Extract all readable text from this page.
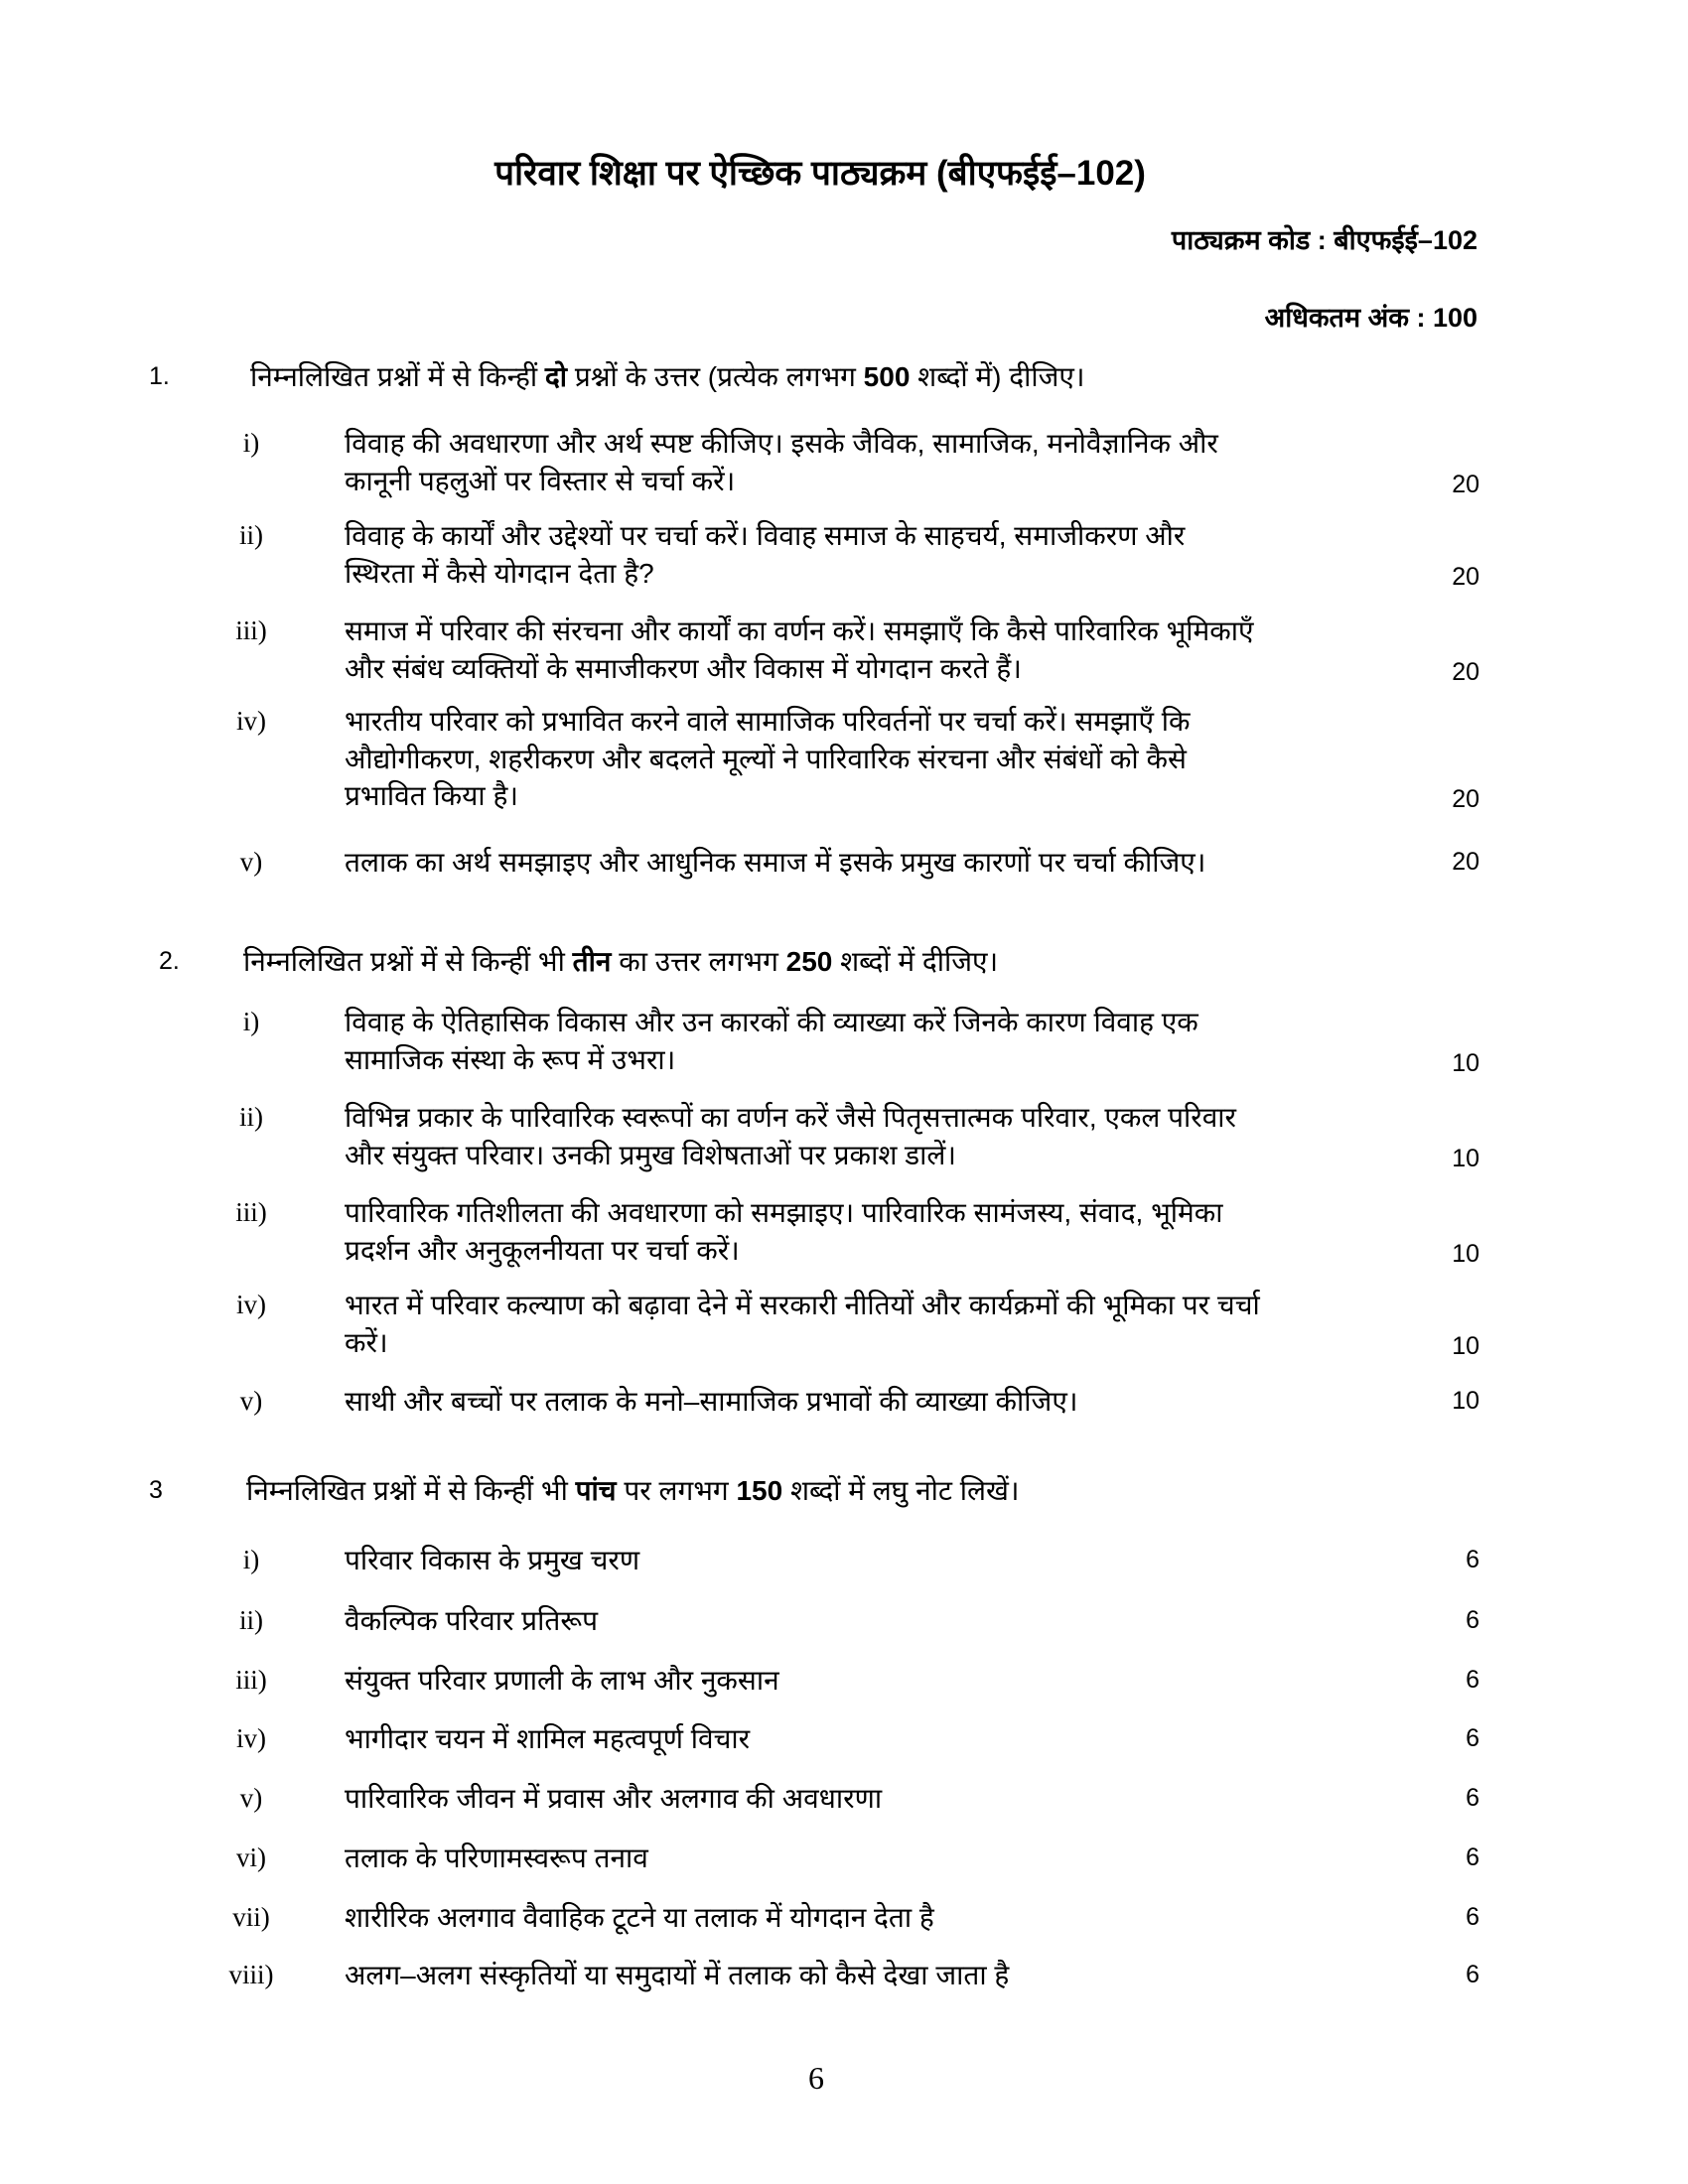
परिवार शिक्षा पर ऐच्छिक पाठ्यक्रम (बीएफईई–102)
पाठ्यक्रम कोड : बीएफईई–102
अधिकतम अंक : 100
1.	निम्नलिखित प्रश्नों में से किन्हीं दो प्रश्नों के उत्तर (प्रत्येक लगभग 500 शब्दों में) दीजिए।
i)	विवाह की अवधारणा और अर्थ स्पष्ट कीजिए। इसके जैविक, सामाजिक, मनोवैज्ञानिक और
कानूनी पहलुओं पर विस्तार से चर्चा करें।	20
ii)	विवाह के कार्यों और उद्देश्यों पर चर्चा करें। विवाह समाज के साहचर्य, समाजीकरण और
स्थिरता में कैसे योगदान देता है?	20
iii)	समाज में परिवार की संरचना और कार्यों का वर्णन करें। समझाएँ कि कैसे पारिवारिक भूमिकाएँ
और संबंध व्यक्तियों के समाजीकरण और विकास में योगदान करते हैं।	20
iv)	भारतीय परिवार को प्रभावित करने वाले सामाजिक परिवर्तनों पर चर्चा करें। समझाएँ कि
औद्योगीकरण, शहरीकरण और बदलते मूल्यों ने पारिवारिक संरचना और संबंधों को कैसे
प्रभावित किया है।	20
v)	तलाक का अर्थ समझाइए और आधुनिक समाज में इसके प्रमुख कारणों पर चर्चा कीजिए।	20
2. निम्नलिखित प्रश्नों में से किन्हीं भी तीन का उत्तर लगभग 250 शब्दों में दीजिए।
i)	विवाह के ऐतिहासिक विकास और उन कारकों की व्याख्या करें जिनके कारण विवाह एक
सामाजिक संस्था के रूप में उभरा।	10
ii)	विभिन्न प्रकार के पारिवारिक स्वरूपों का वर्णन करें जैसे पितृसत्तात्मक परिवार, एकल परिवार
और संयुक्त परिवार। उनकी प्रमुख विशेषताओं पर प्रकाश डालें।	10
iii)	पारिवारिक गतिशीलता की अवधारणा को समझाइए। पारिवारिक सामंजस्य, संवाद, भूमिका
प्रदर्शन और अनुकूलनीयता पर चर्चा करें।	10
iv)	भारत में परिवार कल्याण को बढ़ावा देने में सरकारी नीतियों और कार्यक्रमों की भूमिका पर चर्चा
करें।	10
v)	साथी और बच्चों पर तलाक के मनो–सामाजिक प्रभावों की व्याख्या कीजिए।	10
3	निम्नलिखित प्रश्नों में से किन्हीं भी पांच पर लगभग 150 शब्दों में लघु नोट लिखें।
i)	परिवार विकास के प्रमुख चरण	6
ii)	वैकल्पिक परिवार प्रतिरूप	6
iii)	संयुक्त परिवार प्रणाली के लाभ और नुकसान	6
iv)	भागीदार चयन में शामिल महत्वपूर्ण विचार	6
v)	पारिवारिक जीवन में प्रवास और अलगाव की अवधारणा	6
vi)	तलाक के परिणामस्वरूप तनाव	6
vii)	शारीरिक अलगाव वैवाहिक टूटने या तलाक में योगदान देता है	6
viii)	अलग–अलग संस्कृतियों या समुदायों में तलाक को कैसे देखा जाता है	6
6
